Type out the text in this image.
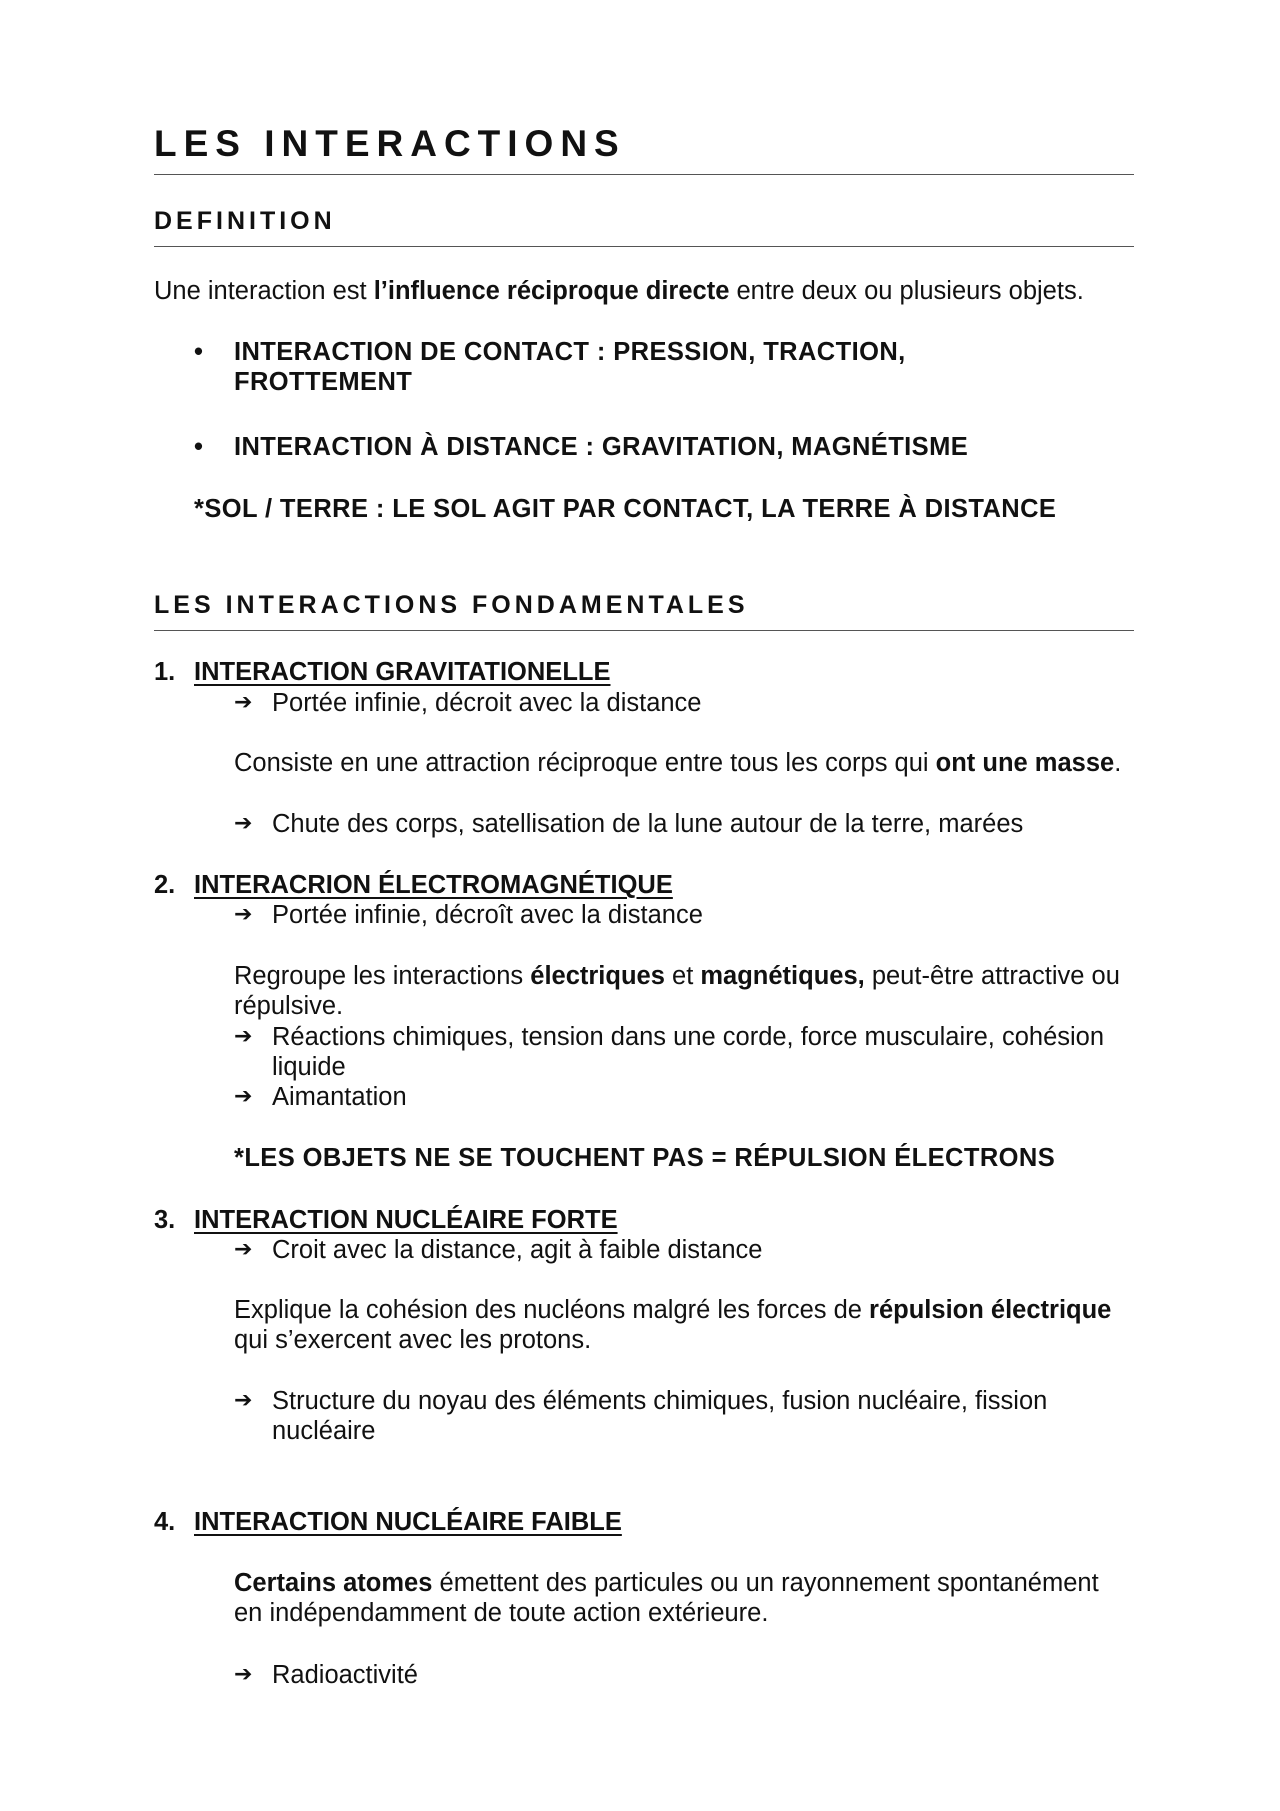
LES INTERACTIONS
DEFINITION
Une interaction est l’influence réciproque directe entre deux ou plusieurs objets.
•	INTERACTION DE CONTACT : PRESSION, TRACTION,
FROTTEMENT
•	INTERACTION À DISTANCE : GRAVITATION, MAGNÉTISME
*SOL / TERRE : LE SOL AGIT PAR CONTACT, LA TERRE À DISTANCE
LES INTERACTIONS FONDAMENTALES
1. INTERACTION GRAVITATIONELLE
➔ Portée infinie, décroit avec la distance
Consiste en une attraction réciproque entre tous les corps qui ont une masse.
➔ Chute des corps, satellisation de la lune autour de la terre, marées
2. INTERACRION ÉLECTROMAGNÉTIQUE
➔ Portée infinie, décroît avec la distance
Regroupe les interactions électriques et magnétiques, peut-être attractive ou répulsive.
➔ Réactions chimiques, tension dans une corde, force musculaire, cohésion liquide
➔ Aimantation
*LES OBJETS NE SE TOUCHENT PAS = RÉPULSION ÉLECTRONS
3. INTERACTION NUCLÉAIRE FORTE
➔ Croit avec la distance, agit à faible distance
Explique la cohésion des nucléons malgré les forces de répulsion électrique qui s’exercent avec les protons.
➔ Structure du noyau des éléments chimiques, fusion nucléaire, fission nucléaire
4. INTERACTION NUCLÉAIRE FAIBLE
Certains atomes émettent des particules ou un rayonnement spontanément en indépendamment de toute action extérieure.
➔ Radioactivité
